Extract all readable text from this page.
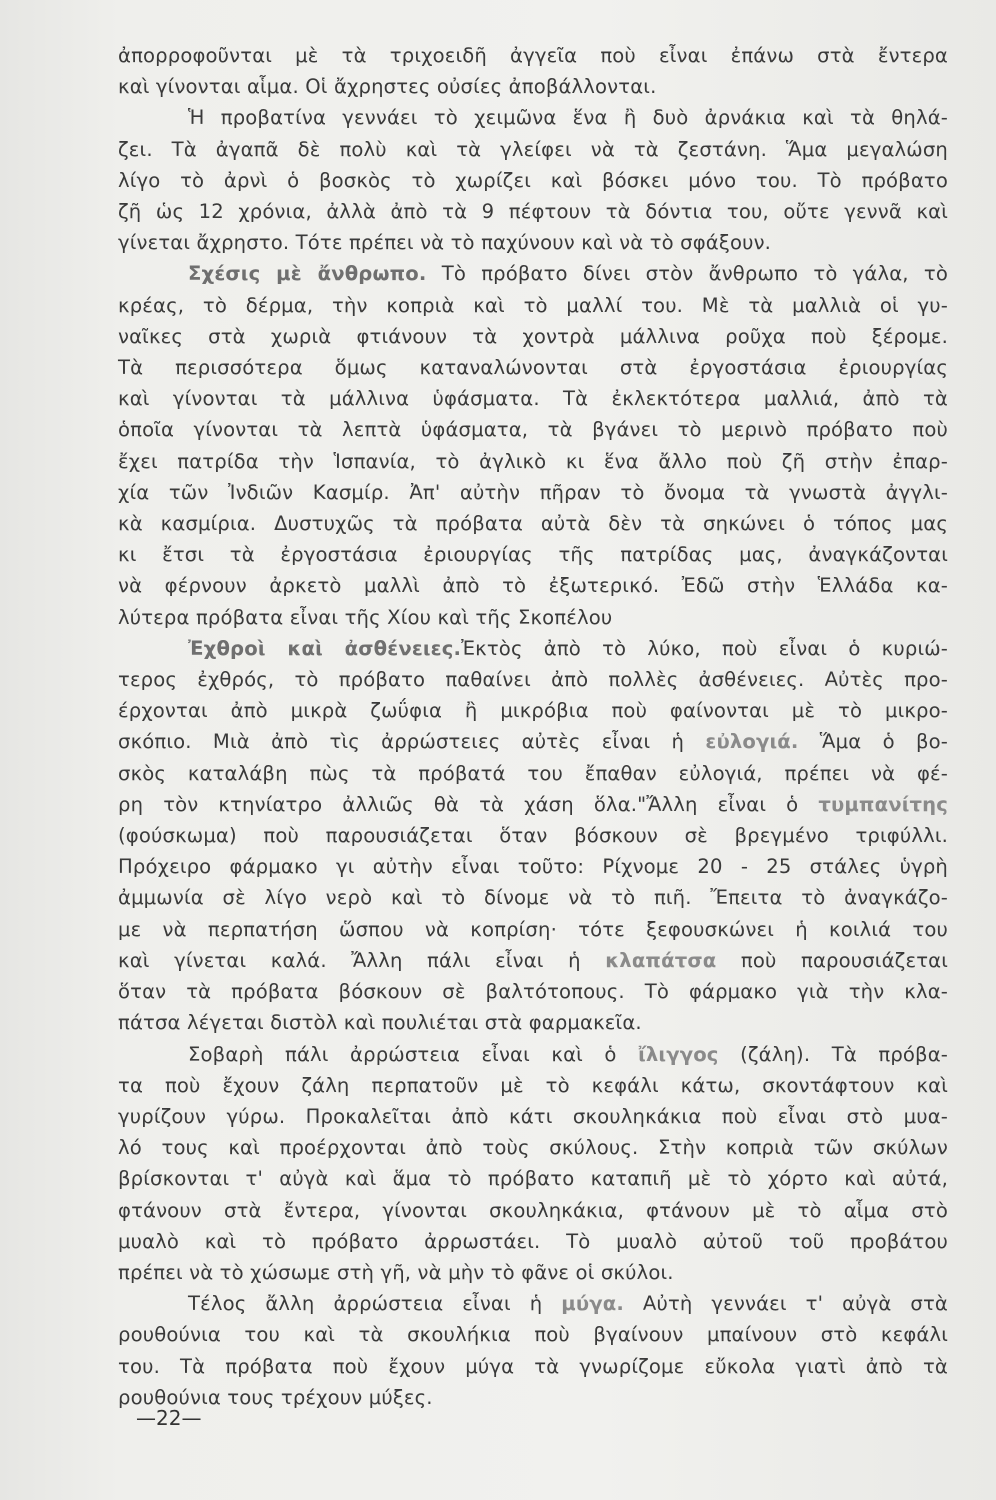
ἀπορροφοῦνται μὲ τὰ τριχοειδῆ ἀγγεῖα ποὺ εἶναι ἐπάνω στὰ ἔντερα
καὶ γίνονται αἷμα. Οἱ ἄχρηστες οὐσίες ἀποβάλλονται.
Ἡ προβατίνα γεννάει τὸ χειμῶνα ἕνα ἢ δυὸ ἀρνάκια καὶ τὰ θηλά-
ζει. Τὰ ἀγαπᾶ δὲ πολὺ καὶ τὰ γλείφει νὰ τὰ ζεστάνη. Ἅμα μεγαλώση
λίγο τὸ ἀρνὶ ὁ βοσκὸς τὸ χωρίζει καὶ βόσκει μόνο του. Τὸ πρόβατο
ζῆ ὡς 12 χρόνια, ἀλλὰ ἀπὸ τὰ 9 πέφτουν τὰ δόντια του, οὔτε γεννᾶ καὶ
γίνεται ἄχρηστο. Τότε πρέπει νὰ τὸ παχύνουν καὶ νὰ τὸ σφάξουν.
Σχέσις μὲ ἄνθρωπο. Τὸ πρόβατο δίνει στὸν ἄνθρωπο τὸ γάλα, τὸ
κρέας, τὸ δέρμα, τὴν κοπριὰ καὶ τὸ μαλλί του. Μὲ τὰ μαλλιὰ οἱ γυ-
ναῖκες στὰ χωριὰ φτιάνουν τὰ χοντρὰ μάλλινα ροῦχα ποὺ ξέρομε.
Τὰ περισσότερα ὅμως καταναλώνονται στὰ ἐργοστάσια ἐριουργίας
καὶ γίνονται τὰ μάλλινα ὑφάσματα. Τὰ ἐκλεκτότερα μαλλιά, ἀπὸ τὰ
ὁποῖα γίνονται τὰ λεπτὰ ὑφάσματα, τὰ βγάνει τὸ μερινὸ πρόβατο ποὺ
ἔχει πατρίδα τὴν Ἱσπανία, τὸ ἀγλικὸ κι ἕνα ἄλλο ποὺ ζῆ στὴν ἐπαρ-
χία τῶν Ἰνδιῶν Κασμίρ. Ἀπ' αὐτὴν πῆραν τὸ ὄνομα τὰ γνωστὰ ἀγγλι-
κὰ κασμίρια. Δυστυχῶς τὰ πρόβατα αὐτὰ δὲν τὰ σηκώνει ὁ τόπος μας
κι ἔτσι τὰ ἐργοστάσια ἐριουργίας τῆς πατρίδας μας, ἀναγκάζονται
νὰ φέρνουν ἀρκετὸ μαλλὶ ἀπὸ τὸ ἐξωτερικό. Ἐδῶ στὴν Ἑλλάδα κα-
λύτερα πρόβατα εἶναι τῆς Χίου καὶ τῆς Σκοπέλου
Ἐχθροὶ καὶ ἀσθένειες.Ἐκτὸς ἀπὸ τὸ λύκο, ποὺ εἶναι ὁ κυριώ-
τερος ἐχθρός, τὸ πρόβατο παθαίνει ἀπὸ πολλὲς ἀσθένειες. Αὐτὲς προ-
έρχονται ἀπὸ μικρὰ ζωΰφια ἢ μικρόβια ποὺ φαίνονται μὲ τὸ μικρο-
σκόπιο. Μιὰ ἀπὸ τὶς ἀρρώστειες αὐτὲς εἶναι ἡ εὐλογιά. Ἅμα ὁ βο-
σκὸς καταλάβη πὼς τὰ πρόβατά του ἔπαθαν εὐλογιά, πρέπει νὰ φέ-
ρη τὸν κτηνίατρο ἀλλιῶς θὰ τὰ χάση ὅλα."Ἄλλη εἶναι ὁ τυμπανίτης
(φούσκωμα) ποὺ παρουσιάζεται ὅταν βόσκουν σὲ βρεγμένο τριφύλλι.
Πρόχειρο φάρμακο γι αὐτὴν εἶναι τοῦτο: Ρίχνομε 20 - 25 στάλες ὑγρὴ
ἀμμωνία σὲ λίγο νερὸ καὶ τὸ δίνομε νὰ τὸ πιῆ. Ἔπειτα τὸ ἀναγκάζο-
με νὰ περπατήση ὥσπου νὰ κοπρίση· τότε ξεφουσκώνει ἡ κοιλιά του
καὶ γίνεται καλά. Ἄλλη πάλι εἶναι ἡ κλαπάτσα ποὺ παρουσιάζεται
ὅταν τὰ πρόβατα βόσκουν σὲ βαλτότοπους. Τὸ φάρμακο γιὰ τὴν κλα-
πάτσα λέγεται διστὸλ καὶ πουλιέται στὰ φαρμακεῖα.
Σοβαρὴ πάλι ἀρρώστεια εἶναι καὶ ὁ ἴλιγγος (ζάλη). Τὰ πρόβα-
τα ποὺ ἔχουν ζάλη περπατοῦν μὲ τὸ κεφάλι κάτω, σκοντάφτουν καὶ
γυρίζουν γύρω. Προκαλεῖται ἀπὸ κάτι σκουληκάκια ποὺ εἶναι στὸ μυα-
λό τους καὶ προέρχονται ἀπὸ τοὺς σκύλους. Στὴν κοπριὰ τῶν σκύλων
βρίσκονται τ' αὐγὰ καὶ ἅμα τὸ πρόβατο καταπιῆ μὲ τὸ χόρτο καὶ αὐτά,
φτάνουν στὰ ἔντερα, γίνονται σκουληκάκια, φτάνουν μὲ τὸ αἷμα στὸ
μυαλὸ καὶ τὸ πρόβατο ἀρρωστάει. Τὸ μυαλὸ αὐτοῦ τοῦ προβάτου
πρέπει νὰ τὸ χώσωμε στὴ γῆ, νὰ μὴν τὸ φᾶνε οἱ σκύλοι.
Τέλος ἄλλη ἀρρώστεια εἶναι ἡ μύγα. Αὐτὴ γεννάει τ' αὐγὰ στὰ
ρουθούνια του καὶ τὰ σκουλήκια ποὺ βγαίνουν μπαίνουν στὸ κεφάλι
του. Τὰ πρόβατα ποὺ ἔχουν μύγα τὰ γνωρίζομε εὔκολα γιατὶ ἀπὸ τὰ
ρουθούνια τους τρέχουν μύξες.
—22—
